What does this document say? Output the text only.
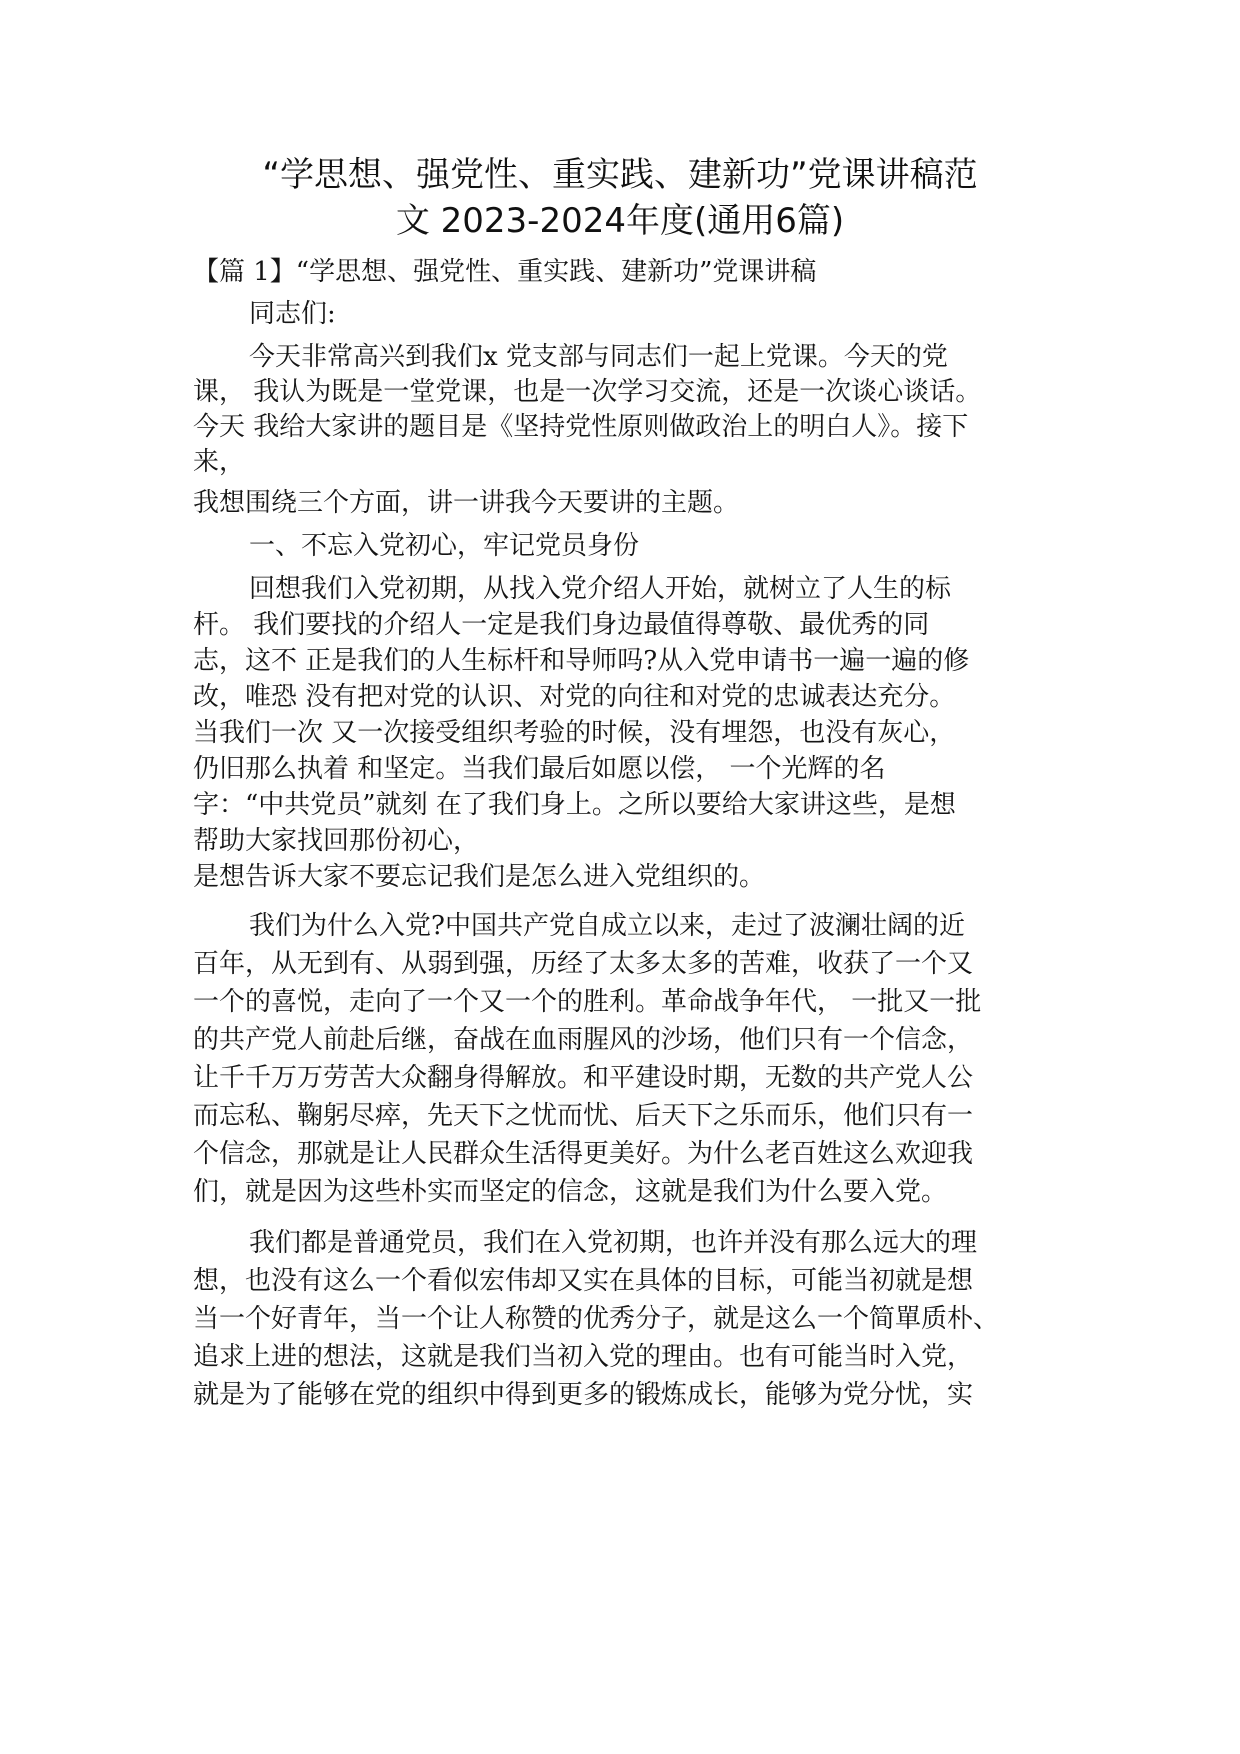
“学思想、强党性、重实践、建新功”党课讲稿范
文 2023-2024年度(通用6篇)
【篇 1】“学思想、强党性、重实践、建新功”党课讲稿
同志们:
今天非常高兴到我们x 党支部与同志们一起上党课。今天的党
课， 我认为既是一堂党课，也是一次学习交流，还是一次谈心谈话。
今天 我给大家讲的题目是《坚持党性原则做政治上的明白人》。接下
来，
我想围绕三个方面，讲一讲我今天要讲的主题。
一、不忘入党初心，牢记党员身份
回想我们入党初期，从找入党介绍人开始，就树立了人生的标
杆。 我们要找的介绍人一定是我们身边最值得尊敬、最优秀的同
志，这不 正是我们的人生标杆和导师吗?从入党申请书一遍一遍的修
改，唯恐 没有把对党的认识、对党的向往和对党的忠诚表达充分。
当我们一次 又一次接受组织考验的时候，没有埋怨，也没有灰心，
仍旧那么执着 和坚定。当我们最后如愿以偿， 一个光辉的名
字：“中共党员”就刻 在了我们身上。之所以要给大家讲这些，是想
帮助大家找回那份初心，
是想告诉大家不要忘记我们是怎么进入党组织的。
我们为什么入党?中国共产党自成立以来，走过了波澜壮阔的近
百年，从无到有、从弱到强，历经了太多太多的苦难，收获了一个又
一个的喜悦，走向了一个又一个的胜利。革命战争年代， 一批又一批
的共产党人前赴后继，奋战在血雨腥风的沙场，他们只有一个信念，
让千千万万劳苦大众翻身得解放。和平建设时期，无数的共产党人公
而忘私、鞠躬尽瘁，先天下之忧而忧、后天下之乐而乐，他们只有一
个信念，那就是让人民群众生活得更美好。为什么老百姓这么欢迎我
们，就是因为这些朴实而坚定的信念，这就是我们为什么要入党。
我们都是普通党员，我们在入党初期，也许并没有那么远大的理
想，也没有这么一个看似宏伟却又实在具体的目标，可能当初就是想
当一个好青年，当一个让人称赞的优秀分子，就是这么一个简單质朴、
追求上进的想法，这就是我们当初入党的理由。也有可能当时入党，
就是为了能够在党的组织中得到更多的锻炼成长，能够为党分忧，实
